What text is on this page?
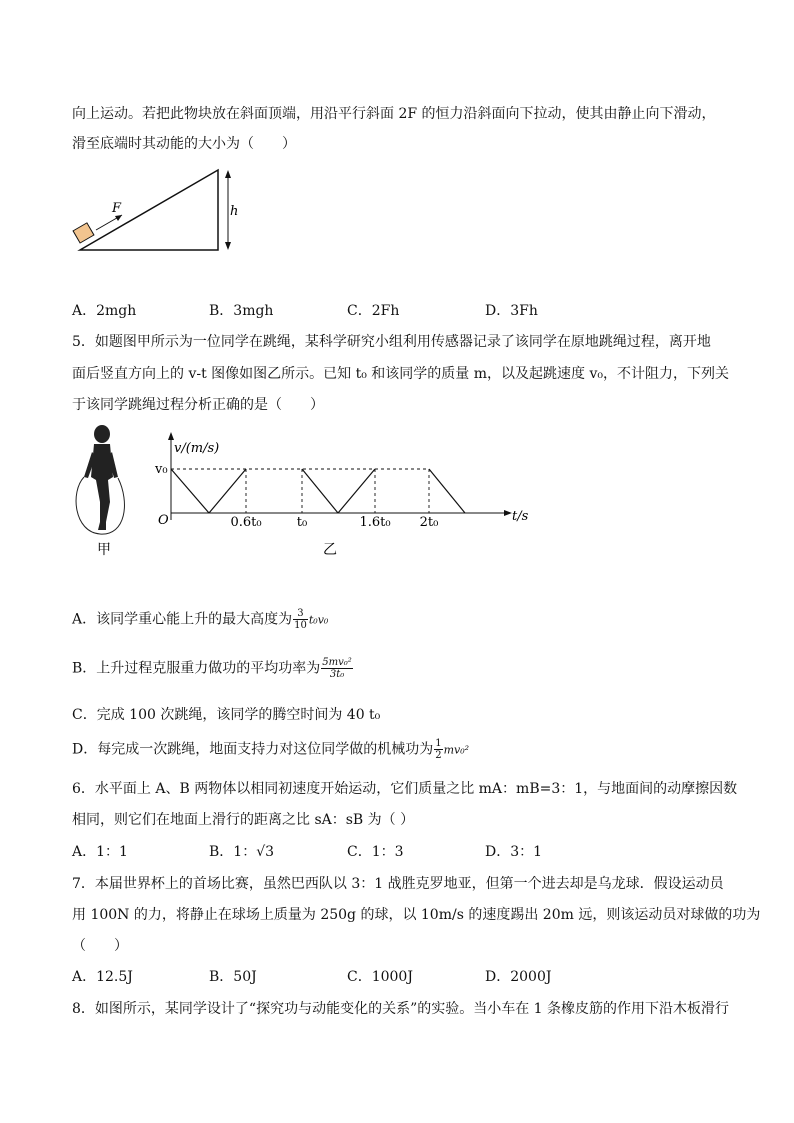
向上运动。若把此物块放在斜面顶端，用沿平行斜面 2F 的恒力沿斜面向下拉动，使其由静止向下滑动，
滑至底端时其动能的大小为（　　）
F	h
A．2mgh	B．3mgh	C．2Fh	D．3Fh
5．如题图甲所示为一位同学在跳绳，某科学研究小组利用传感器记录了该同学在原地跳绳过程，离开地
面后竖直方向上的 v-t 图像如图乙所示。已知 t₀ 和该同学的质量 m，以及起跳速度 v₀，不计阻力，下列关
于该同学跳绳过程分析正确的是（　　）
甲
v/(m/s)
t/s
O
v₀
0.6t₀	t₀	1.6t₀ 2t₀
乙
A．该同学重心能上升的最大高度为 $\frac{3}{10} t_0v_0$
B．上升过程克服重力做功的平均功率为 $\frac{\text{5mv₀²}}{\text{3t₀}}$
C．完成 100 次跳绳，该同学的腾空时间为 40 t₀
D．每完成一次跳绳，地面支持力对这位同学做的机械功为 $\frac{1}{2} mv_0^2$
6．水平面上 A、B 两物体以相同初速度开始运动，它们质量之比 mA：mB=3：1，与地面间的动摩擦因数
相同，则它们在地面上滑行的距离之比 sA：sB 为（ ）
A．1：1	B．1：√3	C．1：3	D．3：1
7．本届世界杯上的首场比赛，虽然巴西队以 3：1 战胜克罗地亚，但第一个进去却是乌龙球．假设运动员
用 100N 的力，将静止在球场上质量为 250g 的球，以 10m/s 的速度踢出 20m 远，则该运动员对球做的功为
（　　）
A．12.5J	B．50J	C．1000J	D．2000J
8．如图所示，某同学设计了“探究功与动能变化的关系”的实验。当小车在 1 条橡皮筋的作用下沿木板滑行
